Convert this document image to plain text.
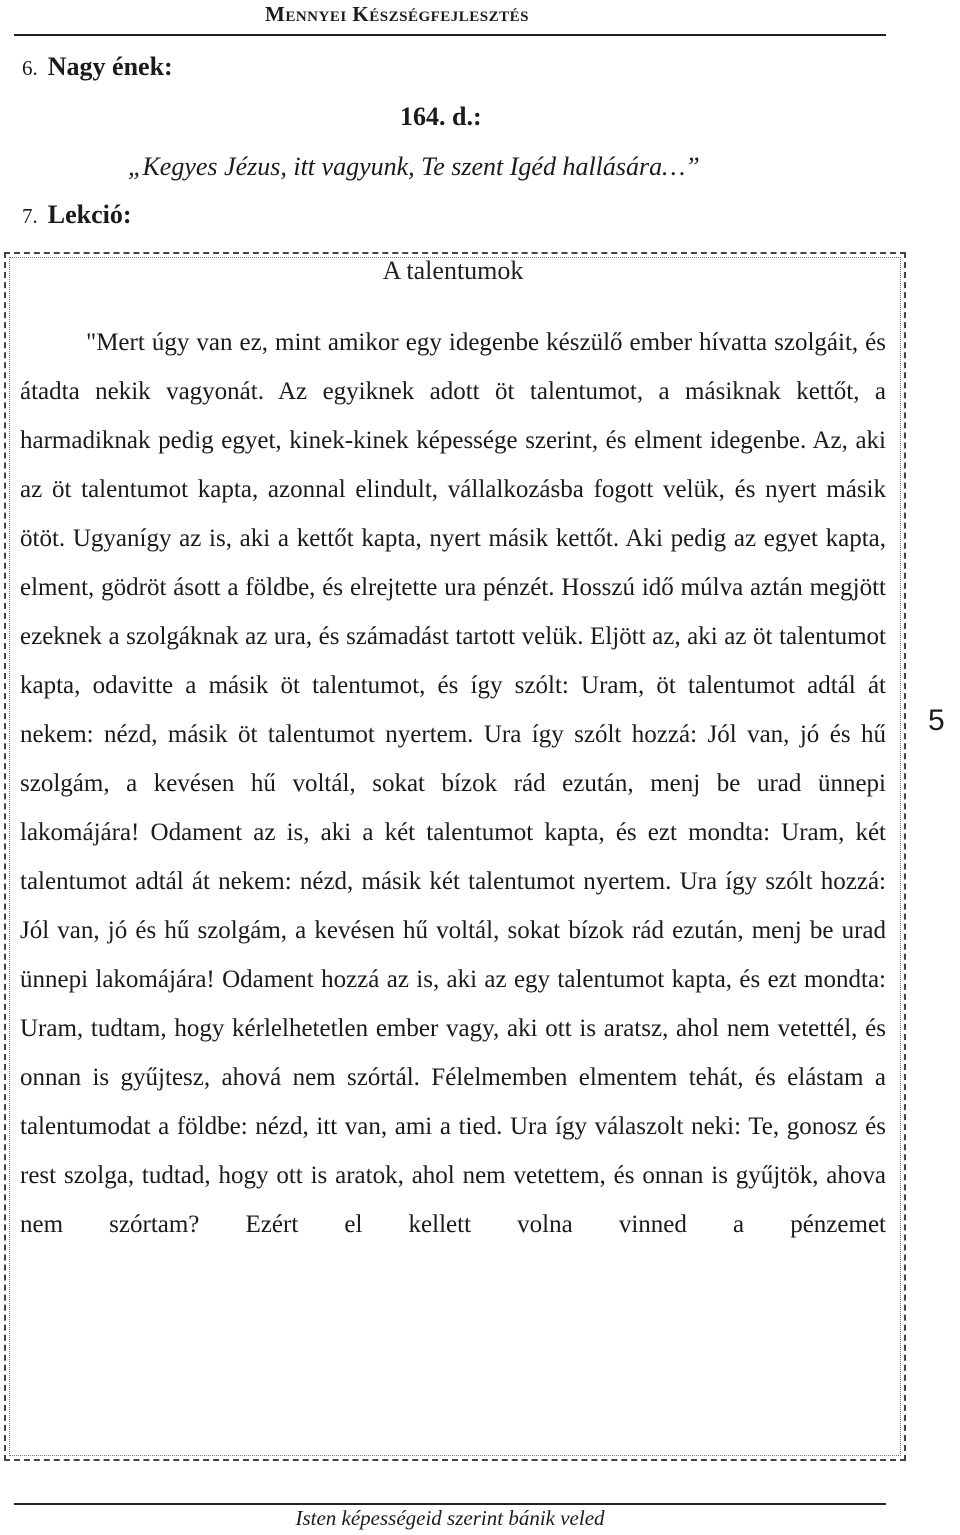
Mennyei Készségfejlesztés
6. Nagy ének:
164. d.:
„Kegyes Jézus, itt vagyunk, Te szent Igéd hallására…”
7. Lekció:
A talentumok

"Mert úgy van ez, mint amikor egy idegenbe készülő ember hívatta szolgáit, és átadta nekik vagyonát. Az egyiknek adott öt talentumot, a másiknak kettőt, a harmadiknak pedig egyet, kinek-kinek képessége szerint, és elment idegenbe. Az, aki az öt talentumot kapta, azonnal elindult, vállalkozásba fogott velük, és nyert másik ötöt. Ugyanígy az is, aki a kettőt kapta, nyert másik kettőt. Aki pedig az egyet kapta, elment, gödröt ásott a földbe, és elrejtette ura pénzét. Hosszú idő múlva aztán megjött ezeknek a szolgáknak az ura, és számadást tartott velük. Eljött az, aki az öt talentumot kapta, odavitte a másik öt talentumot, és így szólt: Uram, öt talentumot adtál át nekem: nézd, másik öt talentumot nyertem. Ura így szólt hozzá: Jól van, jó és hű szolgám, a kevésen hű voltál, sokat bízok rád ezután, menj be urad ünnepi lakomájára! Odament az is, aki a két talentumot kapta, és ezt mondta: Uram, két talentumot adtál át nekem: nézd, másik két talentumot nyertem. Ura így szólt hozzá: Jól van, jó és hű szolgám, a kevésen hű voltál, sokat bízok rád ezután, menj be urad ünnepi lakomájára! Odament hozzá az is, aki az egy talentumot kapta, és ezt mondta: Uram, tudtam, hogy kérlelhetetlen ember vagy, aki ott is aratsz, ahol nem vetettél, és onnan is gyűjtesz, ahová nem szórtál. Félelmemben elmentem tehát, és elástam a talentumodat a földbe: nézd, itt van, ami a tied. Ura így válaszolt neki: Te, gonosz és rest szolga, tudtad, hogy ott is aratok, ahol nem vetettem, és onnan is gyűjtök, ahova nem szórtam? Ezért el kellett volna vinned a pénzemet

5
Isten képességeid szerint bánik veled
